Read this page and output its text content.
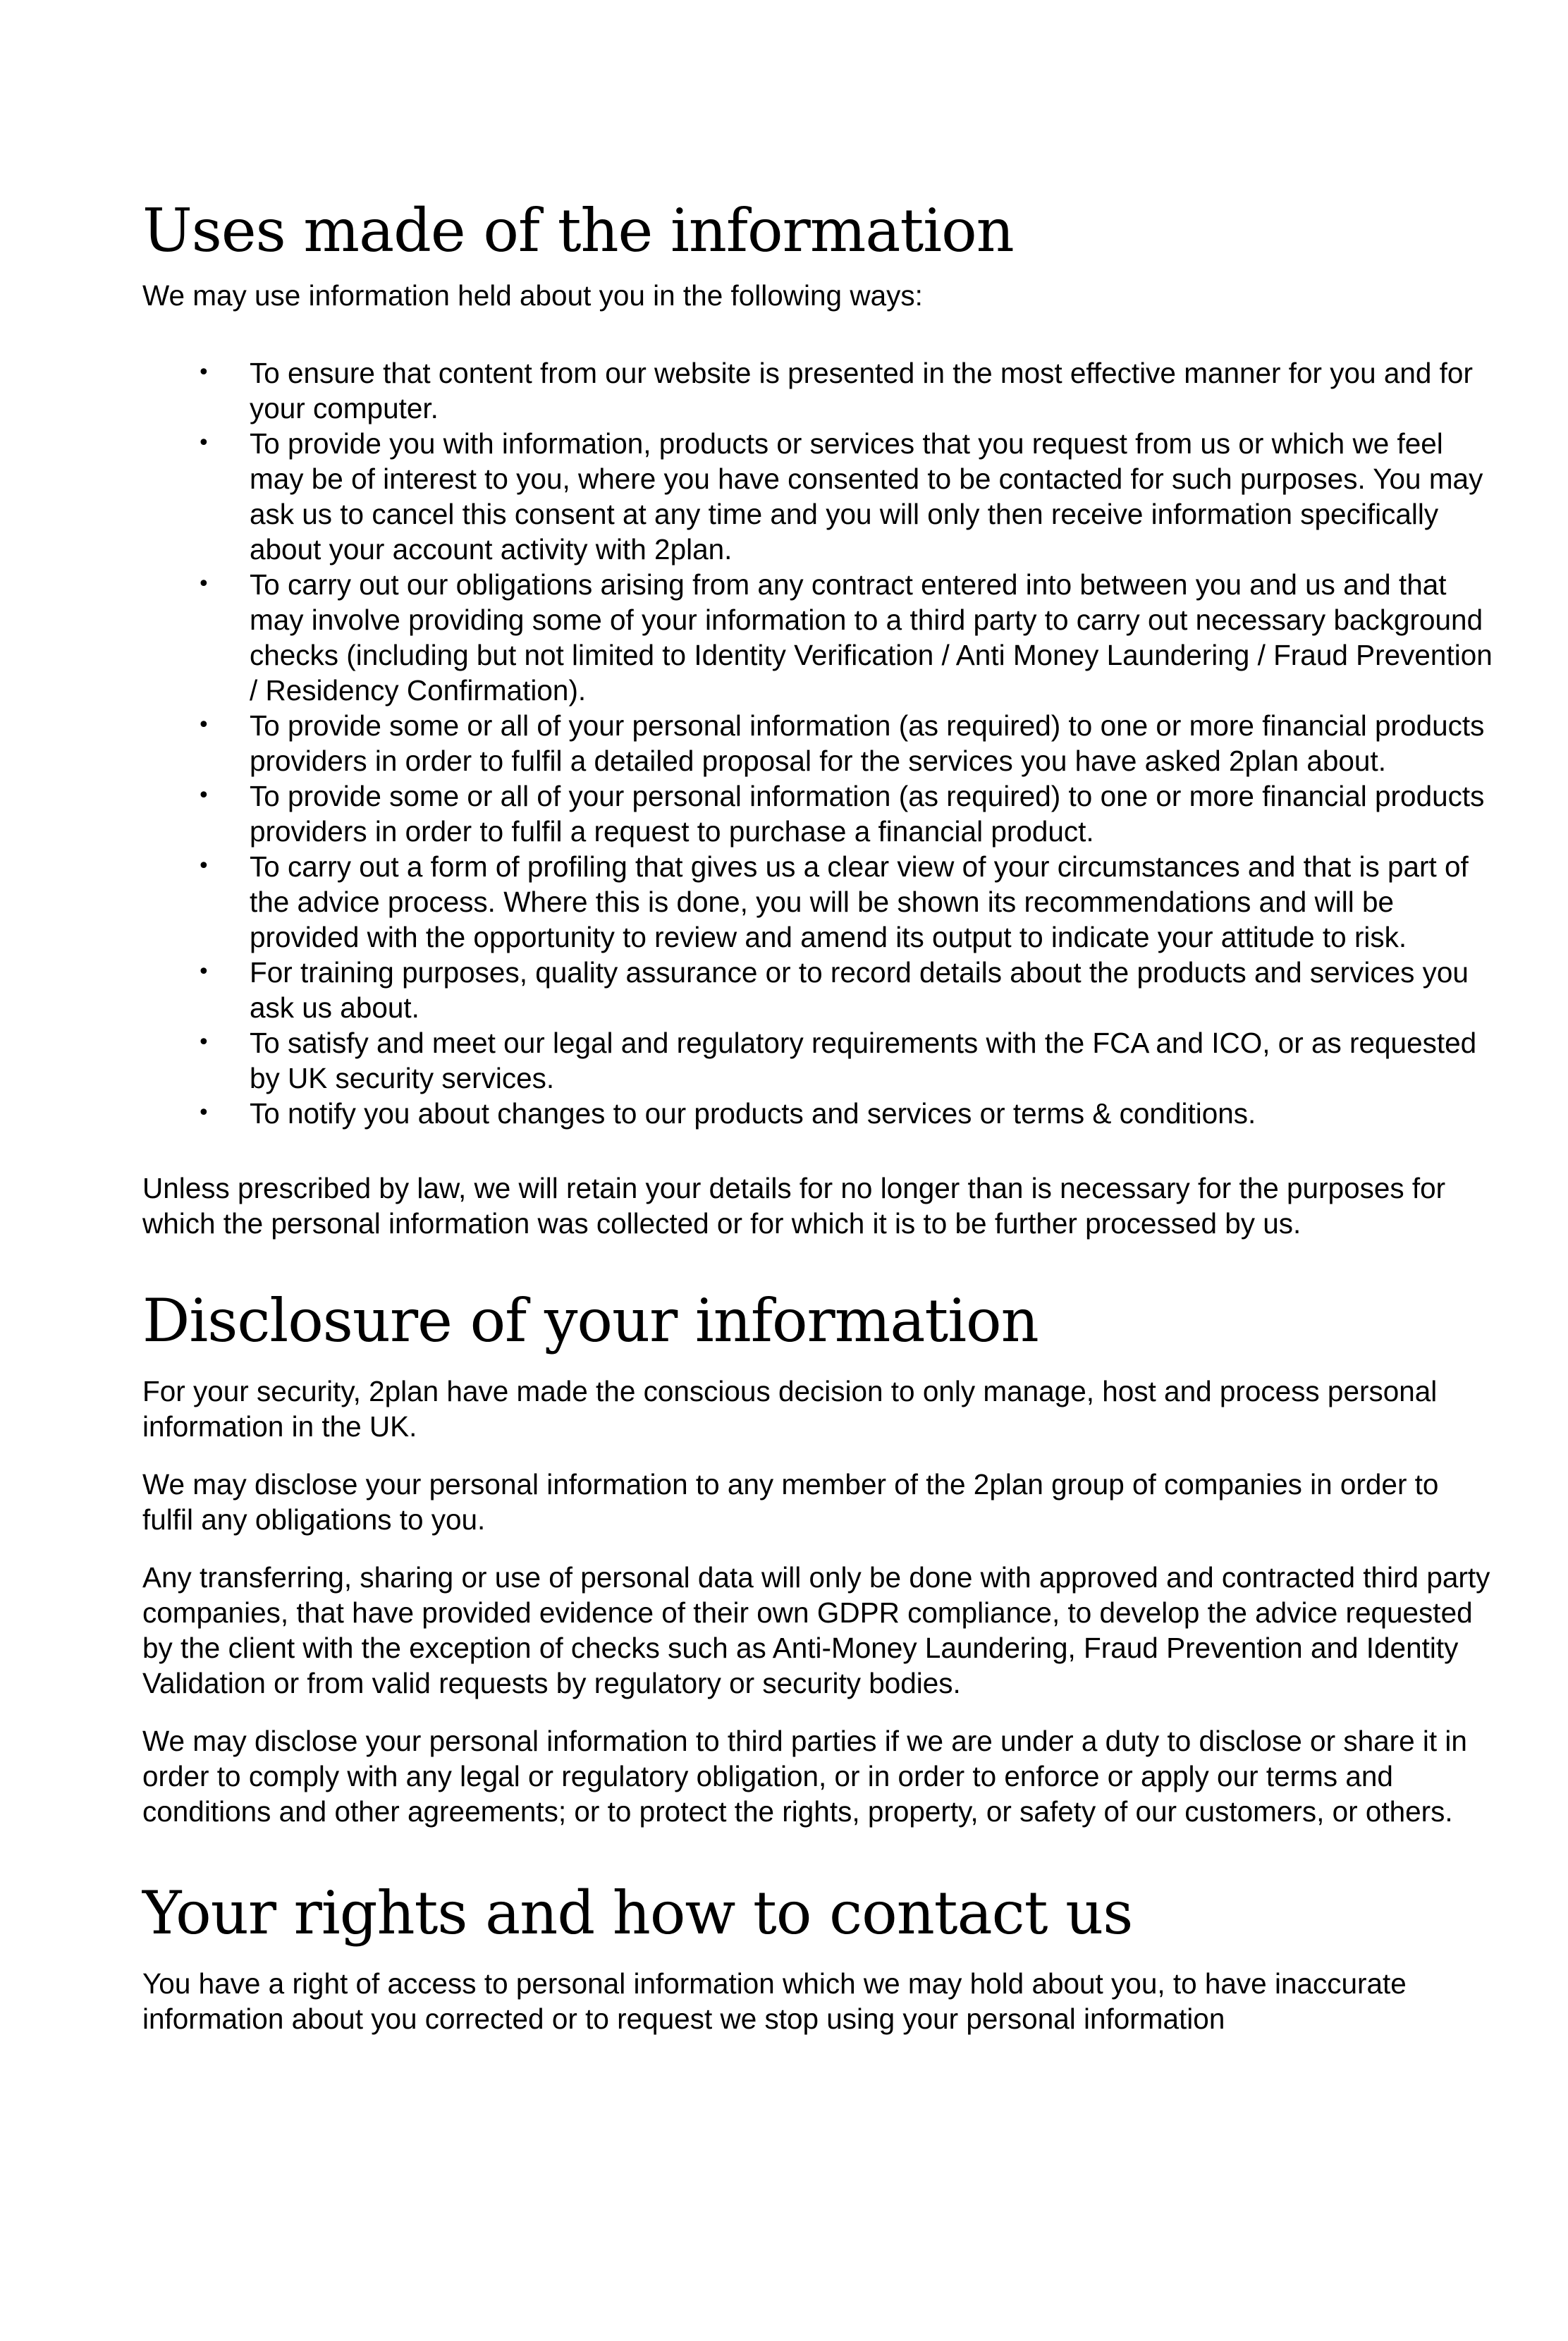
Uses made of the information

We may use information held about you in the following ways:

• To ensure that content from our website is presented in the most effective manner for you and for your computer.
• To provide you with information, products or services that you request from us or which we feel may be of interest to you, where you have consented to be contacted for such purposes. You may ask us to cancel this consent at any time and you will only then receive information specifically about your account activity with 2plan.
• To carry out our obligations arising from any contract entered into between you and us and that may involve providing some of your information to a third party to carry out necessary background checks (including but not limited to Identity Verification / Anti Money Laundering / Fraud Prevention / Residency Confirmation).
• To provide some or all of your personal information (as required) to one or more financial products providers in order to fulfil a detailed proposal for the services you have asked 2plan about.
• To provide some or all of your personal information (as required) to one or more financial products providers in order to fulfil a request to purchase a financial product.
• To carry out a form of profiling that gives us a clear view of your circumstances and that is part of the advice process. Where this is done, you will be shown its recommendations and will be provided with the opportunity to review and amend its output to indicate your attitude to risk.
• For training purposes, quality assurance or to record details about the products and services you ask us about.
• To satisfy and meet our legal and regulatory requirements with the FCA and ICO, or as requested by UK security services.
• To notify you about changes to our products and services or terms & conditions.

Unless prescribed by law, we will retain your details for no longer than is necessary for the purposes for which the personal information was collected or for which it is to be further processed by us.

Disclosure of your information

For your security, 2plan have made the conscious decision to only manage, host and process personal information in the UK.

We may disclose your personal information to any member of the 2plan group of companies in order to fulfil any obligations to you.

Any transferring, sharing or use of personal data will only be done with approved and contracted third party companies, that have provided evidence of their own GDPR compliance, to develop the advice requested by the client with the exception of checks such as Anti-Money Laundering, Fraud Prevention and Identity Validation or from valid requests by regulatory or security bodies.

We may disclose your personal information to third parties if we are under a duty to disclose or share it in order to comply with any legal or regulatory obligation, or in order to enforce or apply our terms and conditions and other agreements; or to protect the rights, property, or safety of our customers, or others.

Your rights and how to contact us

You have a right of access to personal information which we may hold about you, to have inaccurate information about you corrected or to request we stop using your personal information
